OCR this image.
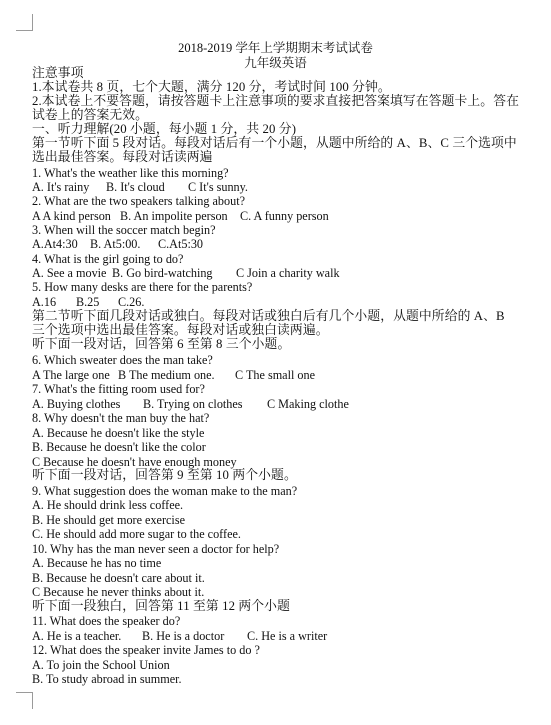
2018-2019 学年上学期期末考试试卷
九年级英语
注意事项
1.本试卷共 8 页，七个大题，满分 120 分，考试时间 100 分钟。
2.本试卷上不要答题，请按答题卡上注意事项的要求直接把答案填写在答题卡上。答在
试卷上的答案无效。
一、听力理解(20 小题，每小题 1 分，共 20 分)
第一节听下面 5 段对话。每段对话后有一个小题，从题中所给的 A、B、C 三个选项中
选出最佳答案。每段对话读两遍
1. What's the weather like this morning?
A. It's rainy B. It's cloud C It's sunny.
2. What are the two speakers talking about?
A A kind person B. An impolite person C. A funny person
3. When will the soccer match begin?
A.At4:30 B. At5:00. C.At5:30
4. What is the girl going to do?
A. See a movie B. Go bird-watching C Join a charity walk
5. How many desks are there for the parents?
A.16 B.25 C.26.
第二节听下面几段对话或独白。每段对话或独白后有几个小题，从题中所给的 A、B
三个选项中选出最佳答案。每段对话或独白读两遍。
听下面一段对话，回答第 6 至第 8 三个小题。
6. Which sweater does the man take?
A The large one B The medium one. C The small one
7. What's the fitting room used for?
A. Buying clothes B. Trying on clothes C Making clothe
8. Why doesn't the man buy the hat?
A. Because he doesn't like the style
B. Because he doesn't like the color
C Because he doesn't have enough money
听下面一段对话，回答第 9 至第 10 两个小题。
9. What suggestion does the woman make to the man?
A. He should drink less coffee.
B. He should get more exercise
C. He should add more sugar to the coffee.
10. Why has the man never seen a doctor for help?
A. Because he has no time
B. Because he doesn't care about it.
C Because he never thinks about it.
听下面一段独白，回答第 11 至第 12 两个小题
11. What does the speaker do?
A. He is a teacher. B. He is a doctor C. He is a writer
12. What does the speaker invite James to do ?
A. To join the School Union
B. To study abroad in summer.
